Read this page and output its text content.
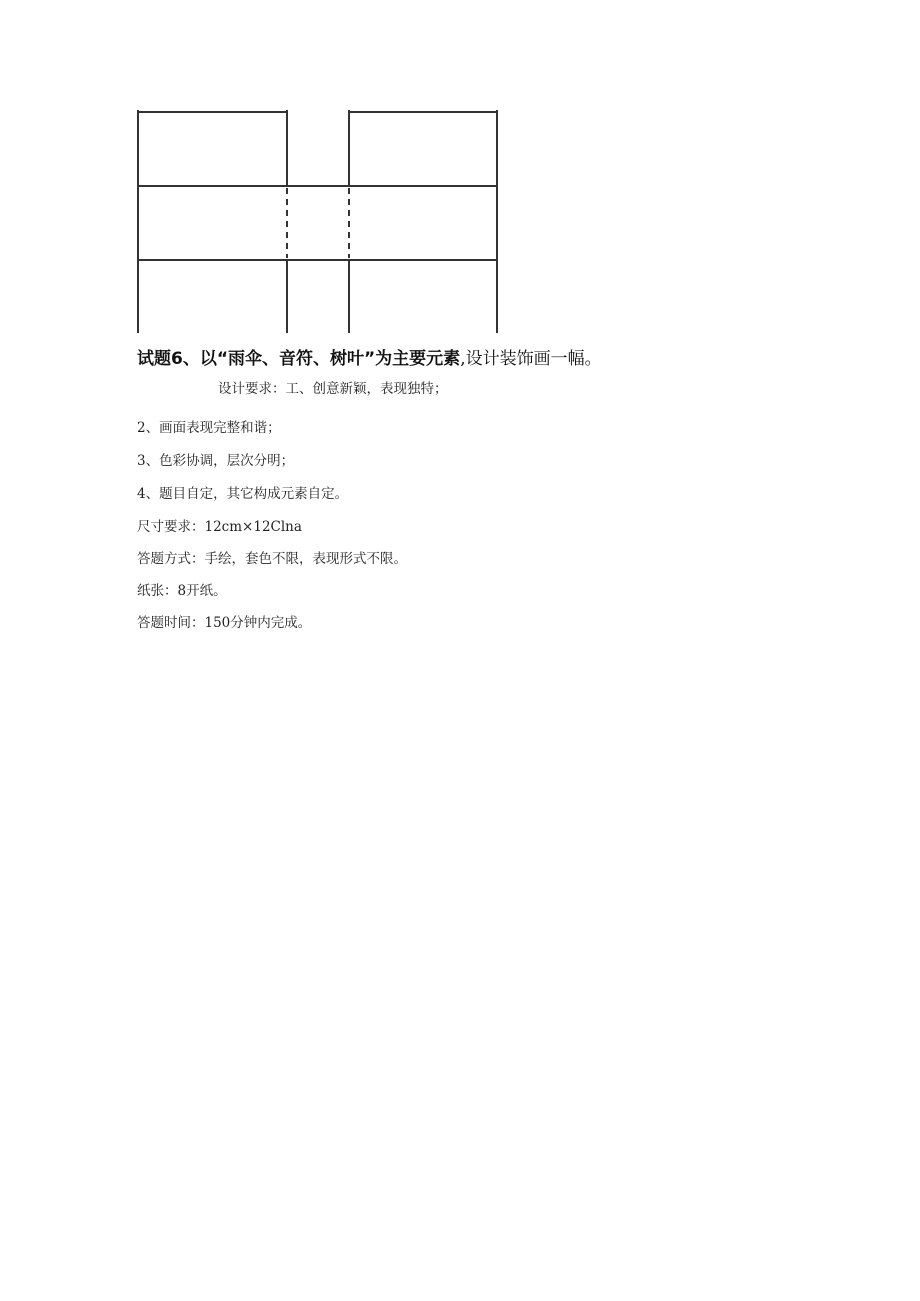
试题6、以“雨伞、音符、树叶”为主要元素,设计装饰画一幅。
设计要求：工、创意新颖，表现独特；
2、画面表现完整和谐；
3、色彩协调，层次分明；
4、题目自定，其它构成元素自定。
尺寸要求：12cm×12Clna
答题方式：手绘，套色不限，表现形式不限。
纸张：8开纸。
答题时间：150分钟内完成。
